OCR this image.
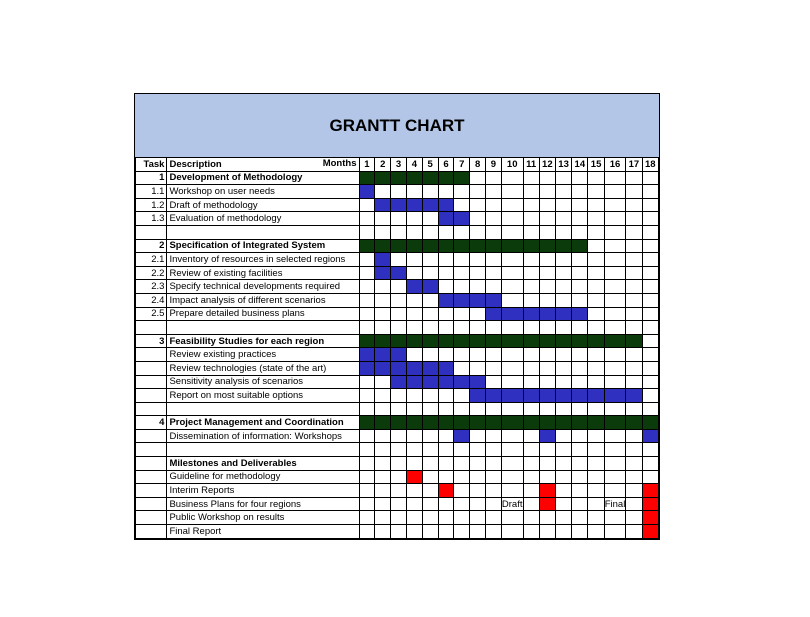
GRANTT CHART
Task	Description Months	1	2	3	4	5	6	7	8	9	10	11	12	13	14	15	16	17	18
1	Development of Methodology																		
1.1	Workshop on user needs																		
1.2	Draft of methodology																		
1.3	Evaluation of methodology																		

2	Specification of Integrated System																		
2.1	Inventory of resources in selected regions																		
2.2	Review of existing facilities																		
2.3	Specify technical developments required																		
2.4	Impact analysis of different scenarios																		
2.5	Prepare detailed business plans																		

3	Feasibility Studies for each region																		
	Review existing practices																		
	Review technologies (state of the art)																		
	Sensitivity analysis of scenarios																		
	Report on most suitable options																		

4	Project Management and Coordination																		
	Dissemination of information: Workshops																		

	Milestones and Deliverables																		
	Guideline for methodology																		
	Interim Reports																		
	Business Plans for four regions										Draft						Final		
	Public Workshop on results																		
	Final Report																		
